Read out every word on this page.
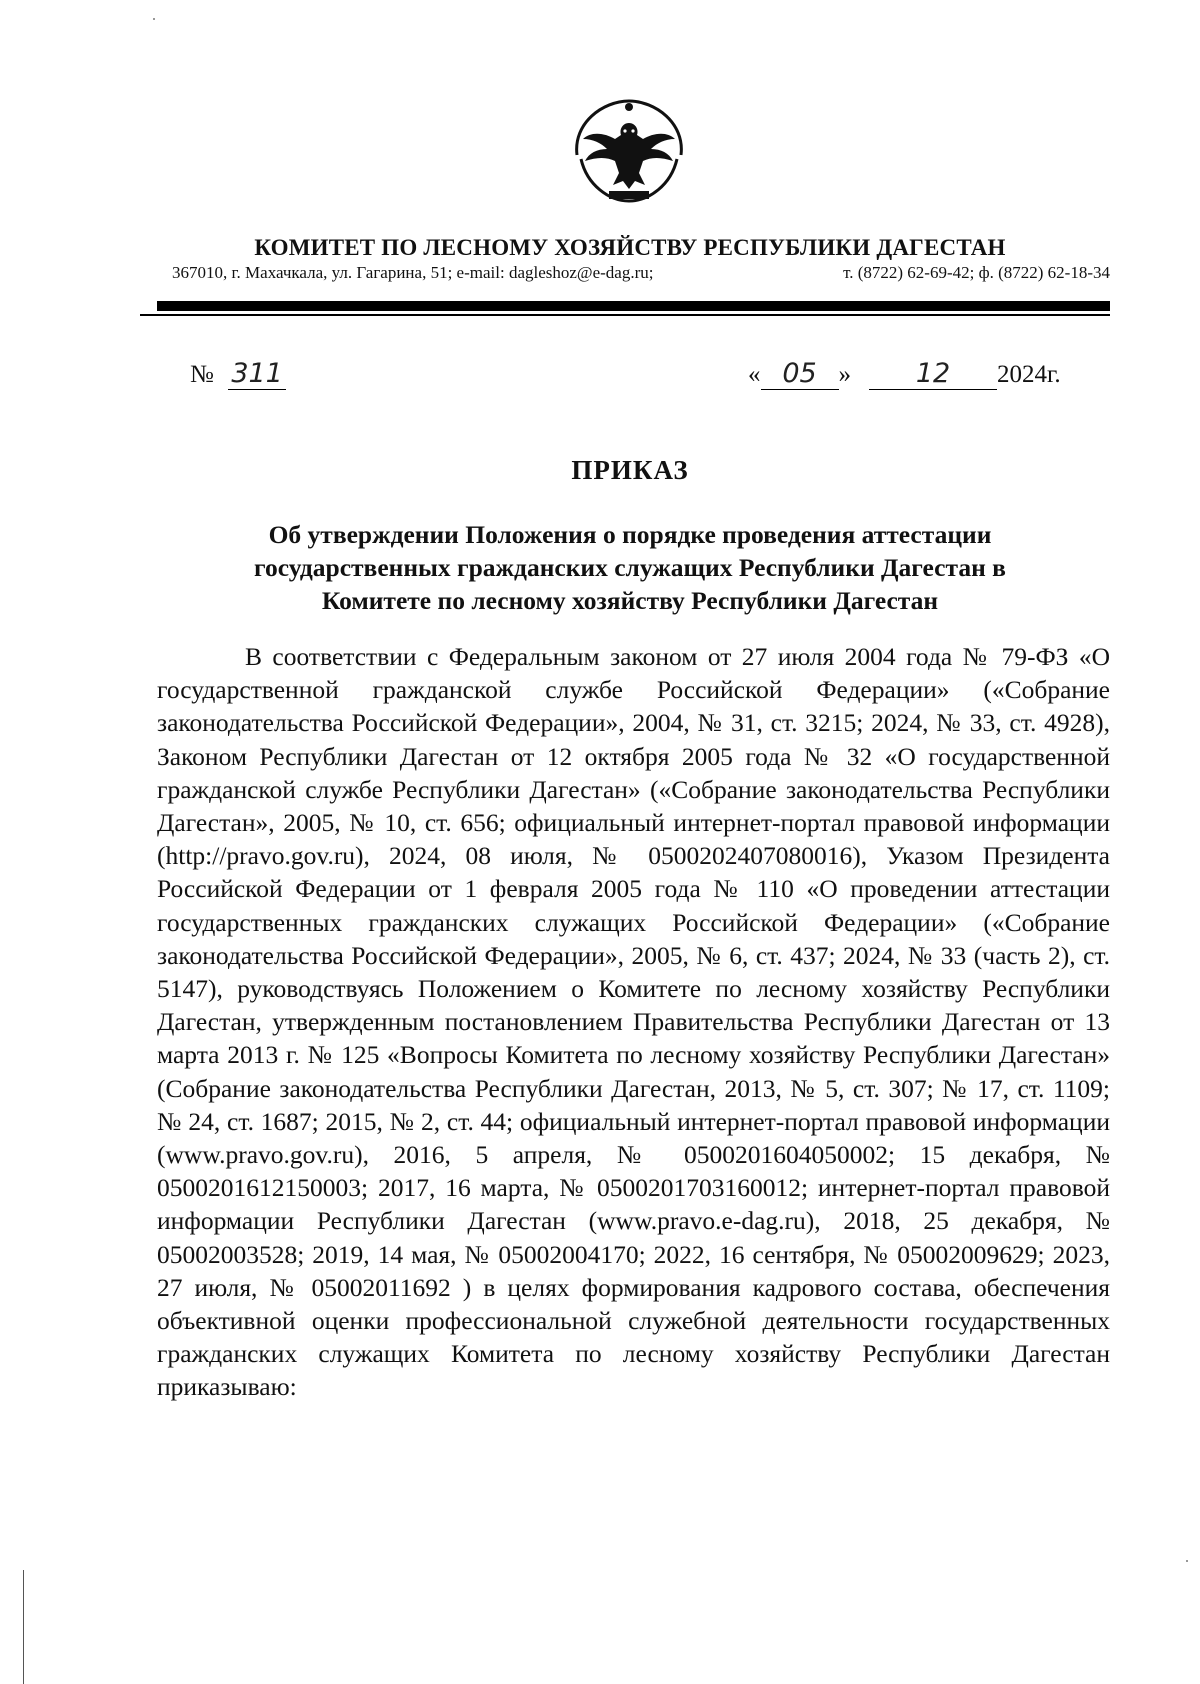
КОМИТЕТ ПО ЛЕСНОМУ ХОЗЯЙСТВУ РЕСПУБЛИКИ ДАГЕСТАН
367010, г. Махачкала, ул. Гагарина, 51; e-mail: dagleshoz@e-dag.ru;	т. (8722) 62-69-42; ф. (8722) 62-18-34
№ 311	« 05 » 12 2024г.
ПРИКАЗ
Об утверждении Положения о порядке проведения аттестации государственных гражданских служащих Республики Дагестан в Комитете по лесному хозяйству Республики Дагестан

В соответствии с Федеральным законом от 27 июля 2004 года № 79-ФЗ «О государственной гражданской службе Российской Федерации» («Собрание законодательства Российской Федерации», 2004, № 31, ст. 3215; 2024, № 33, ст. 4928), Законом Республики Дагестан от 12 октября 2005 года № 32 «О государственной гражданской службе Республики Дагестан» («Собрание законодательства Республики Дагестан», 2005, № 10, ст. 656; официальный интернет-портал правовой информации (http://pravo.gov.ru), 2024, 08 июля, № 0500202407080016), Указом Президента Российской Федерации от 1 февраля 2005 года № 110 «О проведении аттестации государственных гражданских служащих Российской Федерации» («Собрание законодательства Российской Федерации», 2005, № 6, ст. 437; 2024, № 33 (часть 2), ст. 5147), руководствуясь Положением о Комитете по лесному хозяйству Республики Дагестан, утвержденным постановлением Правительства Республики Дагестан от 13 марта 2013 г. № 125 «Вопросы Комитета по лесному хозяйству Республики Дагестан» (Собрание законодательства Республики Дагестан, 2013, № 5, ст. 307; № 17, ст. 1109; № 24, ст. 1687; 2015, № 2, ст. 44; официальный интернет-портал правовой информации (www.pravo.gov.ru), 2016, 5 апреля, № 0500201604050002; 15 декабря, № 0500201612150003; 2017, 16 марта, № 0500201703160012; интернет-портал правовой информации Республики Дагестан (www.pravo.e-dag.ru), 2018, 25 декабря, № 05002003528; 2019, 14 мая, № 05002004170; 2022, 16 сентября, № 05002009629; 2023, 27 июля, № 05002011692 ) в целях формирования кадрового состава, обеспечения объективной оценки профессиональной служебной деятельности государственных гражданских служащих Комитета по лесному хозяйству Республики Дагестан приказываю:
